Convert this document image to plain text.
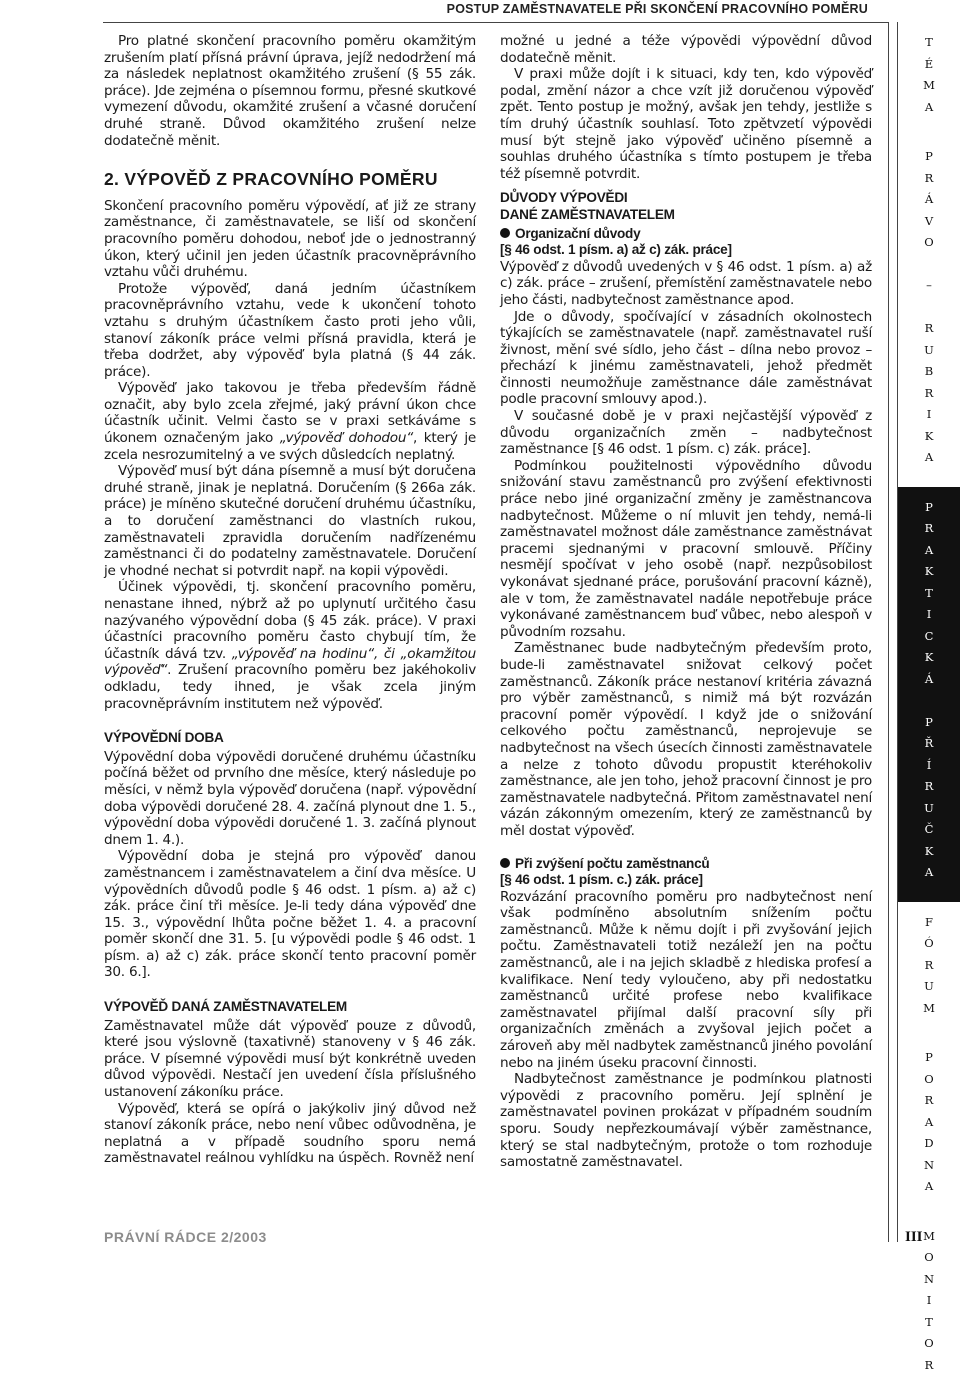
POSTUP ZAMĚSTNAVATELE PŘI SKONČENÍ PRACOVNÍHO POMĚRU

Pro platné skončení pracovního poměru okamžitým zrušením platí přísná právní úprava, jejíž nedodržení má za následek neplatnost okamžitého zrušení (§ 55 zák. práce). Jde zejména o písemnou formu, přesné skutkové vymezení důvodu, okamžité zrušení a včasné doručení druhé straně. Důvod okamžitého zrušení nelze dodatečně měnit.

2. VÝPOVĚĎ Z PRACOVNÍHO POMĚRU

Skončení pracovního poměru výpovědí, ať již ze strany zaměstnance, či zaměstnavatele, se liší od skončení pracovního poměru dohodou, neboť jde o jednostranný úkon, který učinil jen jeden účastník pracovněprávního vztahu vůči druhému.

Protože výpověď, daná jedním účastníkem pracovněprávního vztahu, vede k ukončení tohoto vztahu s druhým účastníkem často proti jeho vůli, stanoví zákoník práce velmi přísná pravidla, která je třeba dodržet, aby výpověď byla platná (§ 44 zák. práce).

Výpověď jako takovou je třeba především řádně označit, aby bylo zcela zřejmé, jaký právní úkon chce účastník učinit. Velmi často se v praxi setkáváme s úkonem označeným jako „výpověď dohodou“, který je zcela nesrozumitelný a ve svých důsledcích neplatný.

Výpověď musí být dána písemně a musí být doručena druhé straně, jinak je neplatná. Doručením (§ 266a zák. práce) je míněno skutečné doručení druhému účastníku, a to doručení zaměstnanci do vlastních rukou, zaměstnavateli zpravidla doručením nadřízenému zaměstnanci či do podatelny zaměstnavatele. Doručení je vhodné nechat si potvrdit např. na kopii výpovědi.

Účinek výpovědi, tj. skončení pracovního poměru, nenastane ihned, nýbrž až po uplynutí určitého času nazývaného výpovědní doba (§ 45 zák. práce). V praxi účastníci pracovního poměru často chybují tím, že účastník dává tzv. „výpověď na hodinu“, či „okamžitou výpověď“. Zrušení pracovního poměru bez jakéhokoliv odkladu, tedy ihned, je však zcela jiným pracovněprávním institutem než výpověď.

VÝPOVĚDNÍ DOBA

Výpovědní doba výpovědi doručené druhému účastníku počíná běžet od prvního dne měsíce, který následuje po měsíci, v němž byla výpověď doručena (např. výpovědní doba výpovědi doručené 28. 4. začíná plynout dne 1. 5., výpovědní doba výpovědi doručené 1. 3. začíná plynout dnem 1. 4.).

Výpovědní doba je stejná pro výpověď danou zaměstnancem i zaměstnavatelem a činí dva měsíce. U výpovědních důvodů podle § 46 odst. 1 písm. a) až c) zák. práce činí tři měsíce. Je-li tedy dána výpověď dne 15. 3., výpovědní lhůta počne běžet 1. 4. a pracovní poměr skončí dne 31. 5. [u výpovědi podle § 46 odst. 1 písm. a) až c) zák. práce skončí tento pracovní poměr 30. 6.].

VÝPOVĚĎ DANÁ ZAMĚSTNAVATELEM

Zaměstnavatel může dát výpověď pouze z důvodů, které jsou výslovně (taxativně) stanoveny v § 46 zák. práce. V písemné výpovědi musí být konkrétně uveden důvod výpovědi. Nestačí jen uvedení čísla příslušného ustanovení zákoníku práce.

Výpověď, která se opírá o jakýkoliv jiný důvod než stanoví zákoník práce, nebo není vůbec odůvodněna, je neplatná a v případě soudního sporu nemá zaměstnavatel reálnou vyhlídku na úspěch. Rovněž není

možné u jedné a téže výpovědi výpovědní důvod dodatečně měnit.

V praxi může dojít i k situaci, kdy ten, kdo výpověď podal, změní názor a chce vzít již doručenou výpověď zpět. Tento postup je možný, avšak jen tehdy, jestliže s tím druhý účastník souhlasí. Toto zpětvzetí výpovědi musí být stejně jako výpověď učiněno písemně a souhlas druhého účastníka s tímto postupem je třeba též písemně potvrdit.

DŮVODY VÝPOVĚDI
DANÉ ZAMĚSTNAVATELEM
Organizační důvody
[§ 46 odst. 1 písm. a) až c) zák. práce]

Výpověď z důvodů uvedených v § 46 odst. 1 písm. a) až c) zák. práce – zrušení, přemístění zaměstnavatele nebo jeho části, nadbytečnost zaměstnance apod.

Jde o důvody, spočívající v zásadních okolnostech týkajících se zaměstnavatele (např. zaměstnavatel ruší živnost, mění své sídlo, jeho část – dílna nebo provoz – přechází k jinému zaměstnavateli, jehož předmět činnosti neumožňuje zaměstnance dále zaměstnávat podle pracovní smlouvy apod.).

V současné době je v praxi nejčastější výpověď z důvodu organizačních změn – nadbytečnost zaměstnance [§ 46 odst. 1 písm. c) zák. práce].

Podmínkou použitelnosti výpovědního důvodu snižování stavu zaměstnanců pro zvýšení efektivnosti práce nebo jiné organizační změny je zaměstnancova nadbytečnost. Můžeme o ní mluvit jen tehdy, nemá-li zaměstnavatel možnost dále zaměstnance zaměstnávat pracemi sjednanými v pracovní smlouvě. Příčiny nesmějí spočívat v jeho osobě (např. nezpůsobilost vykonávat sjednané práce, porušování pracovní kázně), ale v tom, že zaměstnavatel nadále nepotřebuje práce vykonávané zaměstnancem buď vůbec, nebo alespoň v původním rozsahu.

Zaměstnanec bude nadbytečným především proto, bude-li zaměstnavatel snižovat celkový počet zaměstnanců. Zákoník práce nestanoví kritéria závazná pro výběr zaměstnanců, s nimiž má být rozvázán pracovní poměr výpovědí. I když jde o snižování celkového počtu zaměstnanců, neprojevuje se nadbytečnost na všech úsecích činnosti zaměstnavatele a nelze z tohoto důvodu propustit kteréhokoliv zaměstnance, ale jen toho, jehož pracovní činnost je pro zaměstnavatele nadbytečná. Přitom zaměstnavatel není vázán zákonným omezením, který ze zaměstnanců by měl dostat výpověď.

Při zvýšení počtu zaměstnanců
[§ 46 odst. 1 písm. c.) zák. práce]

Rozvázání pracovního poměru pro nadbytečnost není však podmíněno absolutním snížením počtu zaměstnanců. Může k němu dojít i při zvyšování jejich počtu. Zaměstnavateli totiž nezáleží jen na počtu zaměstnanců, ale i na jejich skladbě z hlediska profesí a kvalifikace. Není tedy vyloučeno, aby při nedostatku zaměstnanců určité profese nebo kvalifikace zaměstnavatel přijímal další pracovní síly při organizačních změnách a zvyšoval jejich počet a zároveň aby měl nadbytek zaměstnanců jiného povolání nebo na jiném úseku pracovní činnosti.

Nadbytečnost zaměstnance je podmínkou platnosti výpovědi z pracovního poměru. Její splnění je zaměstnavatel povinen prokázat v případném soudním sporu. Soudy nepřezkoumávají výběr zaměstnance, který se stal nadbytečným, protože o tom rozhoduje samostatně zaměstnavatel.

T
É
M
A
P
R
Á
V
O

–

R
U
B
R
I
K
A
P
R
A
K
T
I
C
K
Á

P
Ř
Í
R
U
Č
K
A
F
Ó
R
U
M
P
O
R
A
D
N
A
M
O
N
I
T
O
R
PRÁVNÍ RÁDCE 2/2003	III
